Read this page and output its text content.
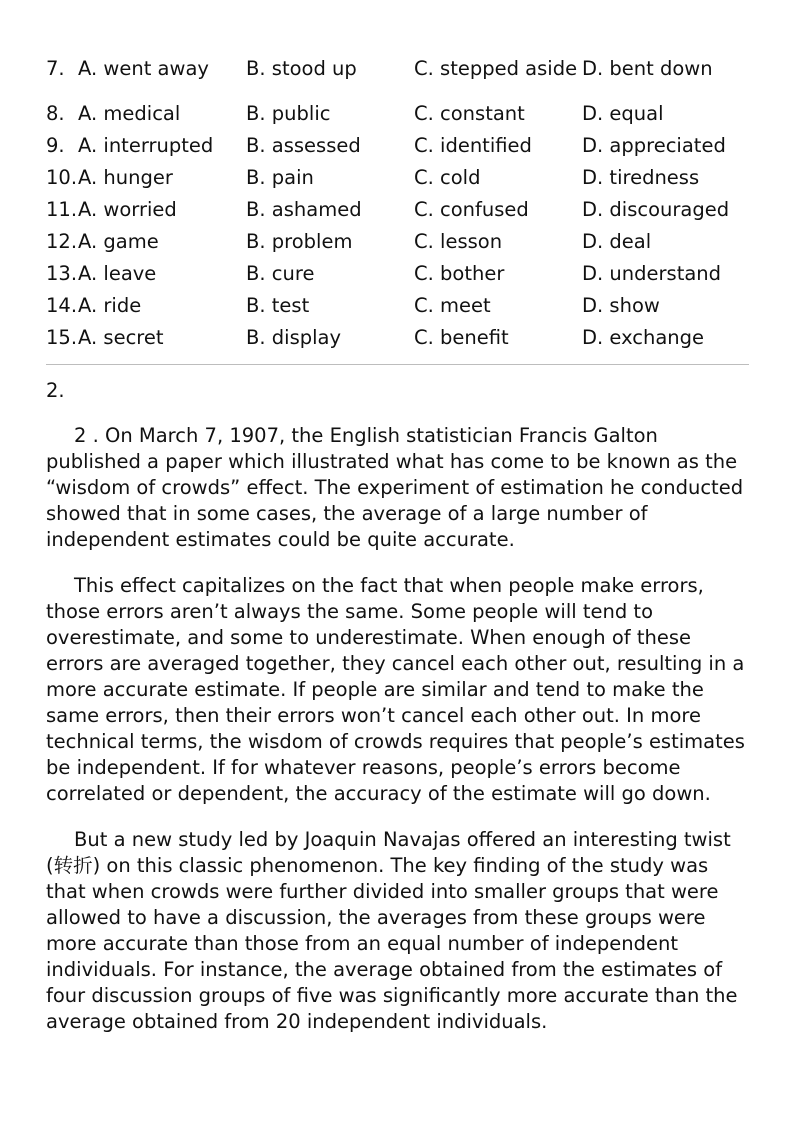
7.	A. went away	B. stood up	C. stepped aside	D. bent down
8.	A. medical	B. public	C. constant	D. equal
9.	A. interrupted	B. assessed	C. identified	D. appreciated
10.	A. hunger	B. pain	C. cold	D. tiredness
11.	A. worried	B. ashamed	C. confused	D. discouraged
12.	A. game	B. problem	C. lesson	D. deal
13.	A. leave	B. cure	C. bother	D. understand
14.	A. ride	B. test	C. meet	D. show
15.	A. secret	B. display	C. benefit	D. exchange
2.

2 . On March 7, 1907, the English statistician Francis Galton published a paper which illustrated what has come to be known as the “wisdom of crowds” effect. The experiment of estimation he conducted showed that in some cases, the average of a large number of independent estimates could be quite accurate.

This effect capitalizes on the fact that when people make errors, those errors aren’t always the same. Some people will tend to overestimate, and some to underestimate. When enough of these errors are averaged together, they cancel each other out, resulting in a more accurate estimate. If people are similar and tend to make the same errors, then their errors won’t cancel each other out. In more technical terms, the wisdom of crowds requires that people’s estimates be independent. If for whatever reasons, people’s errors become correlated or dependent, the accuracy of the estimate will go down.

But a new study led by Joaquin Navajas offered an interesting twist (转折) on this classic phenomenon. The key finding of the study was that when crowds were further divided into smaller groups that were allowed to have a discussion, the averages from these groups were more accurate than those from an equal number of independent individuals. For instance, the average obtained from the estimates of four discussion groups of five was significantly more accurate than the average obtained from 20 independent individuals.
